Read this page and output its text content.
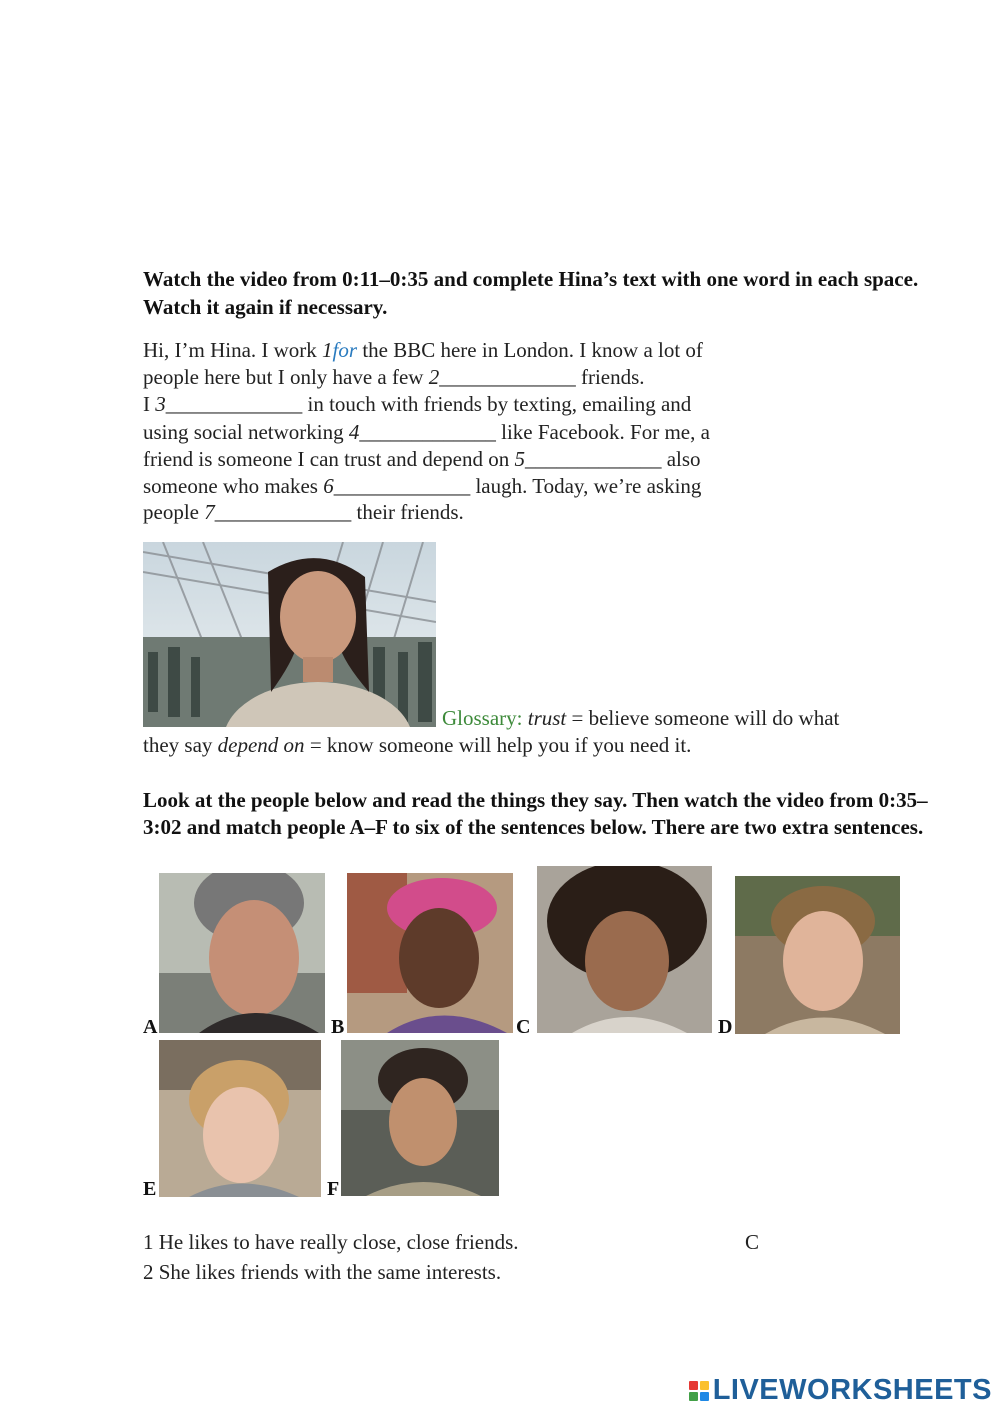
Watch the video from 0:11–0:35 and complete Hina’s text with one word in each space. Watch it again if necessary.
Hi, I’m Hina. I work 1for the BBC here in London. I know a lot of
people here but I only have a few 2_____________ friends.
I 3_____________ in touch with friends by texting, emailing and
using social networking 4_____________ like Facebook. For me, a
friend is someone I can trust and depend on 5_____________ also
someone who makes 6_____________ laugh. Today, we’re asking
people 7_____________ their friends.
Glossary: trust = believe someone will do what
they say depend on = know someone will help you if you need it.
Look at the people below and read the things they say. Then watch the video from 0:35–3:02 and match people A–F to six of the sentences below. There are two extra sentences.
A	B	C	D
E	F
1 He likes to have really close, close friends.	C
2 She likes friends with the same interests.
LIVEWORKSHEETS
